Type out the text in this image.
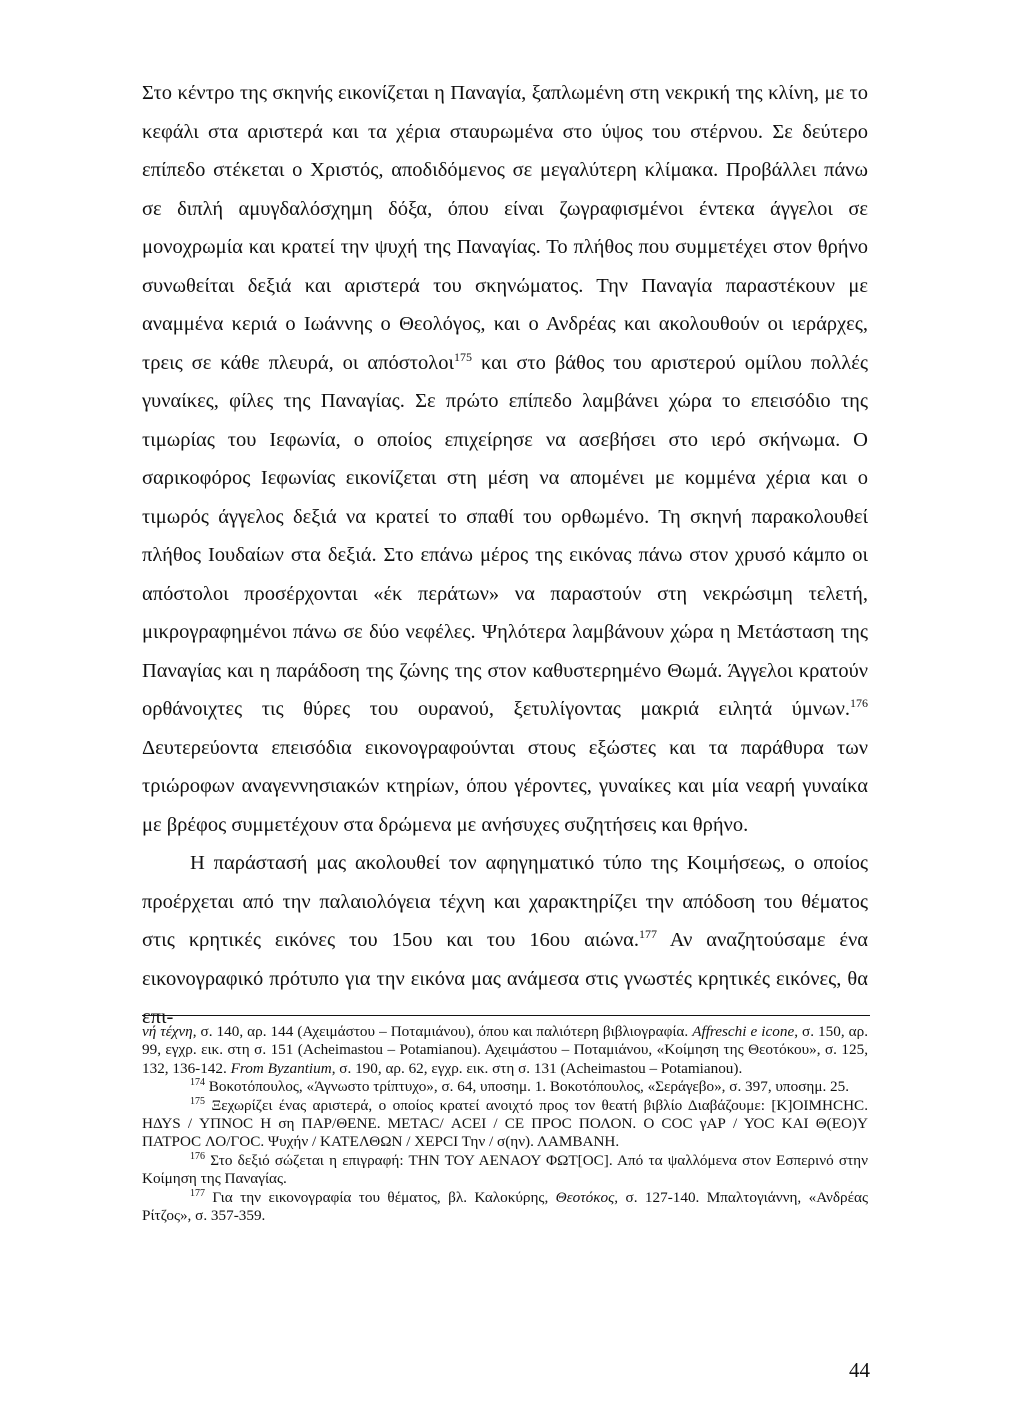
Στο κέντρο της σκηνής εικονίζεται η Παναγία, ξαπλωμένη στη νεκρική της κλίνη, με το κεφάλι στα αριστερά και τα χέρια σταυρωμένα στο ύψος του στέρνου. Σε δεύτερο επίπεδο στέκεται ο Χριστός, αποδιδόμενος σε μεγαλύτερη κλίμακα. Προβάλλει πάνω σε διπλή αμυγδαλόσχημη δόξα, όπου είναι ζωγραφισμένοι έντεκα άγγελοι σε μονοχρωμία και κρατεί την ψυχή της Παναγίας. Το πλήθος που συμμετέχει στον θρήνο συνωθείται δεξιά και αριστερά του σκηνώματος. Την Παναγία παραστέκουν με αναμμένα κεριά ο Ιωάννης ο Θεολόγος, και ο Ανδρέας και ακολουθούν οι ιεράρχες, τρεις σε κάθε πλευρά, οι απόστολοι$^{175}$ και στο βάθος του αριστερού ομίλου πολλές γυναίκες, φίλες της Παναγίας. Σε πρώτο επίπεδο λαμβάνει χώρα το επεισόδιο της τιμωρίας του Ιεφωνία, ο οποίος επιχείρησε να ασεβήσει στο ιερό σκήνωμα. Ο σαρικοφόρος Ιεφωνίας εικονίζεται στη μέση να απομένει με κομμένα χέρια και ο τιμωρός άγγελος δεξιά να κρατεί το σπαθί του ορθωμένο. Τη σκηνή παρακολουθεί πλήθος Ιουδαίων στα δεξιά. Στο επάνω μέρος της εικόνας πάνω στον χρυσό κάμπο οι απόστολοι προσέρχονται «έκ περάτων» να παραστούν στη νεκρώσιμη τελετή, μικρογραφημένοι πάνω σε δύο νεφέλες. Ψηλότερα λαμβάνουν χώρα η Μετάσταση της Παναγίας και η παράδοση της ζώνης της στον καθυστερημένο Θωμά. Άγγελοι κρατούν ορθάνοιχτες τις θύρες του ουρανού, ξετυλίγοντας μακριά ειλητά ύμνων.$^{176}$ Δευτερεύοντα επεισόδια εικονογραφούνται στους εξώστες και τα παράθυρα των τριώροφων αναγεννησιακών κτηρίων, όπου γέροντες, γυναίκες και μία νεαρή γυναίκα με βρέφος συμμετέχουν στα δρώμενα με ανήσυχες συζητήσεις και θρήνο.

Η παράστασή μας ακολουθεί τον αφηγηματικό τύπο της Κοιμήσεως, ο οποίος προέρχεται από την παλαιολόγεια τέχνη και χαρακτηρίζει την απόδοση του θέματος στις κρητικές εικόνες του 15ου και του 16ου αιώνα.$^{177}$ Αν αναζητούσαμε ένα εικονογραφικό πρότυπο για την εικόνα μας ανάμεσα στις γνωστές κρητικές εικόνες, θα επι-

νή τέχνη, σ. 140, αρ. 144 (Αχειμάστου – Ποταμιάνου), όπου και παλιότερη βιβλιογραφία. Affreschi e icone, σ. 150, αρ. 99, εγχρ. εικ. στη σ. 151 (Acheimastou – Potamianou). Αχειμάστου – Ποταμιάνου, «Κοίμηση της Θεοτόκου», σ. 125, 132, 136-142. From Byzantium, σ. 190, αρ. 62, εγχρ. εικ. στη σ. 131 (Acheimastou – Potamianou).

$^{174}$ Βοκοτόπουλος, «Άγνωστο τρίπτυχο», σ. 64, υποσημ. 1. Βοκοτόπουλος, «Σεράγεβο», σ. 397, υποσημ. 25.

$^{175}$ Ξεχωρίζει ένας αριστερά, ο οποίος κρατεί ανοιχτό προς τον θεατή βιβλίο Διαβάζουμε: [Κ]ΟΙΜΗCΗC. ΗΔΥS / ΥΠΝΟC Η ση ΠΑΡ/ΘΕΝΕ. ΜΕΤΑC/ ΑCΕΙ / CΕ ΠΡΟC ΠΟΛΟΝ. Ο COC γΑΡ / ΥΟC ΚΑΙ Θ(ΕΟ)Υ ΠΑΤΡΟC ΛΟ/ΓΟC. Ψυχήν / ΚΑΤΕΛΘΩΝ / ΧΕΡCΙ Την / σ(ην). ΛΑΜΒΑΝΗ.

$^{176}$ Στο δεξιό σώζεται η επιγραφή: ΤΗΝ ΤΟΥ ΑΕΝΑΟΥ ΦΩΤ[ΟC]. Από τα ψαλλόμενα στον Εσπερινό στην Κοίμηση της Παναγίας.

$^{177}$ Για την εικονογραφία του θέματος, βλ. Καλοκύρης, Θεοτόκος, σ. 127-140. Μπαλτογιάννη, «Ανδρέας Ρίτζος», σ. 357-359.

44
